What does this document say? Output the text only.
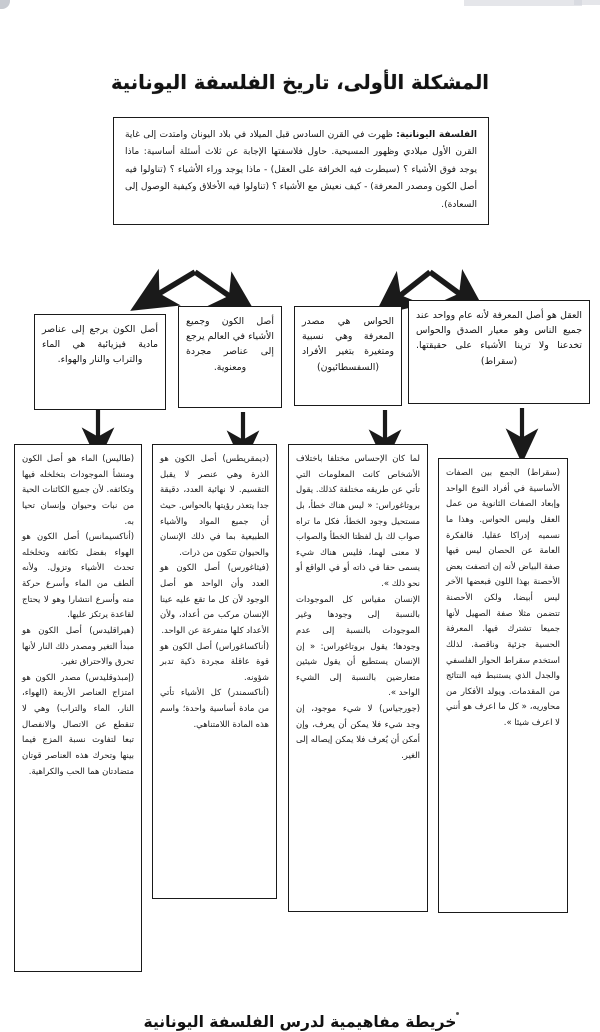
المشكلة الأولى، تاريخ الفلسفة اليونانية
الفلسفة اليونانية: ظهرت في القرن السادس قبل الميلاد في بلاد اليونان وامتدت إلى غاية القرن الأول ميلادي وظهور المسيحية. حاول فلاسفتها الإجابة عن ثلاث أسئلة أساسية: ماذا يوجد فوق الأشياء ؟ (سيطرت فيه الخرافة على العقل) - ماذا يوجد وراء الأشياء ؟ (تناولوا فيه أصل الكون ومصدر المعرفة) - كيف نعيش مع الأشياء ؟ (تناولوا فيه الأخلاق وكيفية الوصول إلى السعادة).
العقل هو أصل المعرفة لأنه عام وواحد عند جميع الناس وهو معيار الصدق والحواس تخدعنا ولا ترينا الأشياء على حقيقتها. (سقراط)
الحواس هي مصدر المعرفة وهي نسبية ومتغيرة بتغير الأفراد (السفسطائيون)
أصل الكون وجميع الأشياء في العالم يرجع إلى عناصر مجردة ومعنوية.
أصل الكون يرجع إلى عناصر مادية فيزيائية هي الماء والتراب والنار والهواء.

(سقراط) الجمع بين الصفات الأساسية في أفراد النوع الواحد وإبعاد الصفات الثانوية من عمل العقل وليس الحواس. وهذا ما نسميه إدراكا عقليا. فالفكرة العامة عن الحصان ليس فيها صفة البياض لأنه إن اتصفت بعض الأحصنة بهذا اللون فبعضها الآخر ليس أبيضا، ولكن الأحصنة تتضمن مثلا صفة الصهيل لأنها جميعا تشترك فيها. المعرفة الحسية جزئية وناقصة. لذلك استخدم سقراط الحوار الفلسفي والجدل الذي يستنبط فيه النتائج من المقدمات. ويولد الأفكار من محاوريه، « كل ما اعرف هو أنني لا اعرف شيئا ».

لما كان الإحساس مختلفا باختلاف الأشخاص كانت المعلومات التي تأتي عن طريقه مختلفة كذلك. يقول بروتاغوراس: « ليس هناك خطأ، بل مستحيل وجود الخطأ، فكل ما تراه صواب لك بل لفظتا الخطأ والصواب لا معنى لهما، فليس هناك شيء يسمى حقا في ذاته أو في الواقع أو نحو ذلك ».

الإنسان مقياس كل الموجودات بالنسبة إلى وجودها وغير الموجودات بالنسبة إلى عدم وجودها؛ يقول بروتاغوراس: « إن الإنسان يستطيع أن يقول شيئين متعارضين بالنسبة إلى الشيء الواحد ».

(جورجياس) لا شيء موجود، إن وجد شيء فلا يمكن أن يعرف، وإن أمكن أن يُعرف فلا يمكن إيصاله إلى الغير.

(ديمقريطس) أصل الكون هو الذرة وهي عنصر لا يقبل التقسيم. لا نهائية العدد، دقيقة جدا يتعذر رؤيتها بالحواس. حيث أن جميع المواد والأشياء الطبيعية بما في ذلك الإنسان والحيوان تتكون من ذرات.

(فيثاغورس) أصل الكون هو العدد وأن الواحد هو أصل الوجود لأن كل ما تقع عليه عينا الإنسان مركب من أعداد، ولأن الأعداد كلها متفرعة عن الواحد.

(أناكساغوراس) أصل الكون هو قوة عاقلة مجردة ذكية تدبر شؤونه.

(أناكسمندر) كل الأشياء تأتي من مادة أساسية واحدة؛ واسم هذه المادة اللامتناهي.

(طاليس) الماء هو أصل الكون ومنشأ الموجودات بتخلخله فيها وتكاثفه. لأن جميع الكائنات الحية من نبات وحيوان وإنسان تحيا به.

(أناكسيمانس) أصل الكون هو الهواء بفضل تكاثفه وتخلخله تحدث الأشياء وتزول. ولأنه ألطف من الماء وأسرع حركة منه وأسرع انتشارا وهو لا يحتاج لقاعدة يرتكز عليها.

(هيراقليدس) أصل الكون هو مبدأ التغير ومصدر ذلك النار لأنها تحرق والاحتراق تغير.

(إمبذوقليدس) مصدر الكون هو امتزاج العناصر الأربعة (الهواء، النار، الماء والتراب) وهي لا تنقطع عن الاتصال والانفصال تبعا لتفاوت نسبة المزج فيما بينها وتحرك هذه العناصر قوتان متضادتان هما الحب والكراهية.

خريطة مفاهيمية لدرس الفلسفة اليونانية
